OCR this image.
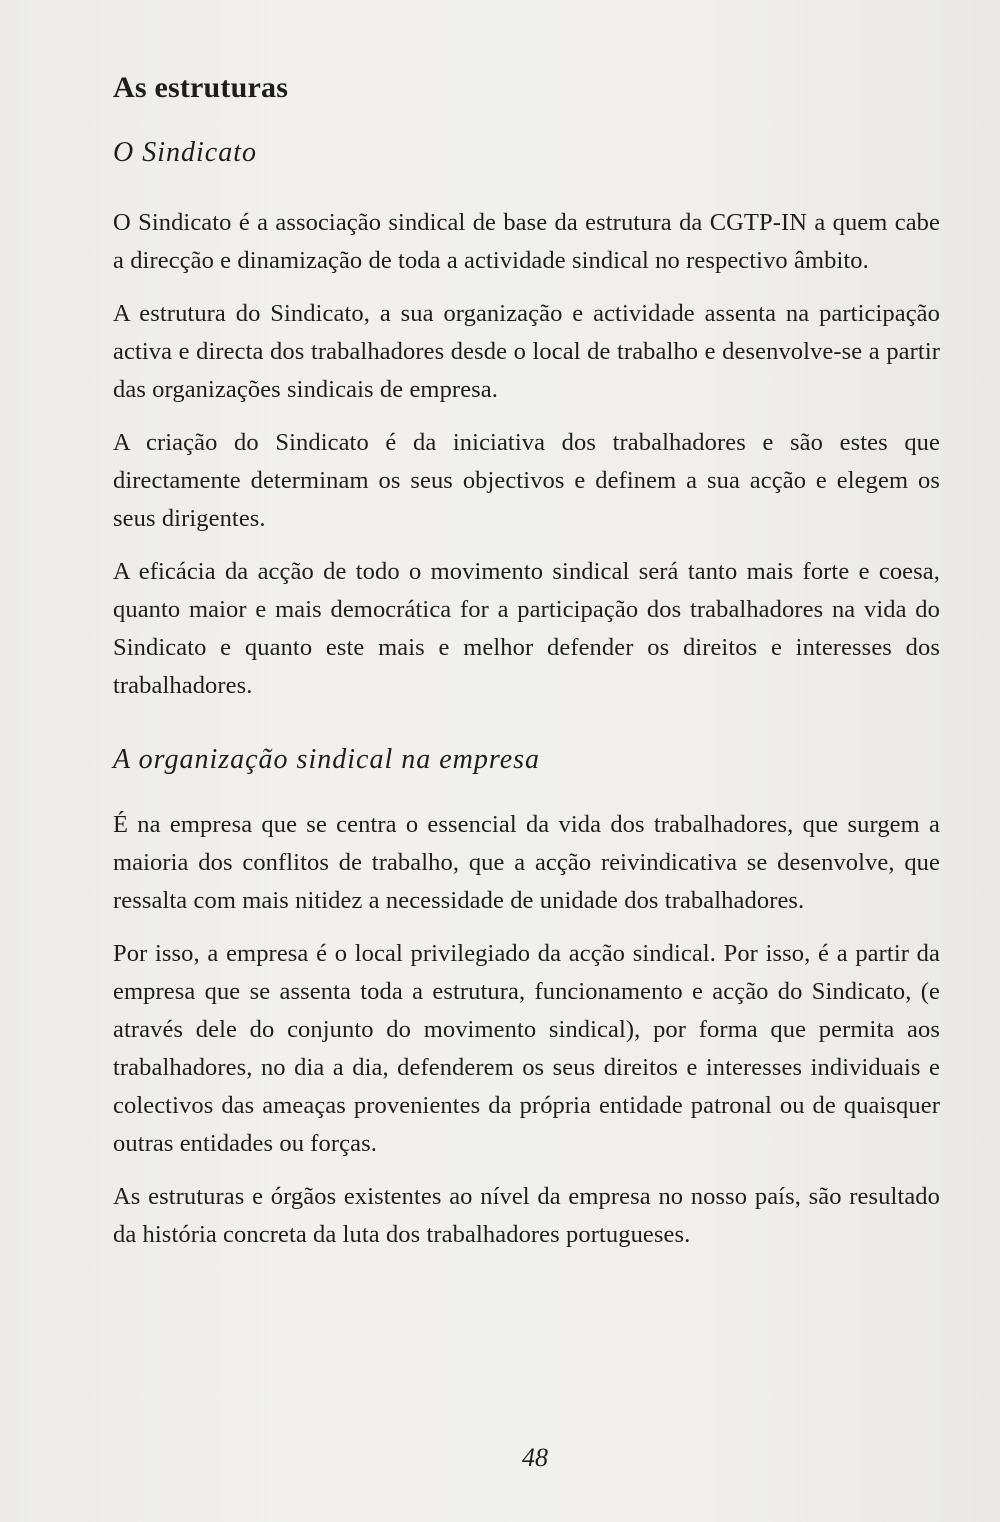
As estruturas
O Sindicato

O Sindicato é a associação sindical de base da estrutura da CGTP-IN a quem cabe a direcção e dinamização de toda a actividade sindical no respectivo âmbito.

A estrutura do Sindicato, a sua organização e actividade assenta na participação activa e directa dos trabalhadores desde o local de trabalho e desenvolve-se a partir das organizações sindicais de empresa.

A criação do Sindicato é da iniciativa dos trabalhadores e são estes que directamente determinam os seus objectivos e definem a sua acção e elegem os seus dirigentes.

A eficácia da acção de todo o movimento sindical será tanto mais forte e coesa, quanto maior e mais democrática for a participação dos trabalhadores na vida do Sindicato e quanto este mais e melhor defender os direitos e interesses dos trabalhadores.

A organização sindical na empresa

É na empresa que se centra o essencial da vida dos trabalhadores, que surgem a maioria dos conflitos de trabalho, que a acção reivindicativa se desenvolve, que ressalta com mais nitidez a necessidade de unidade dos trabalhadores.

Por isso, a empresa é o local privilegiado da acção sindical. Por isso, é a partir da empresa que se assenta toda a estrutura, funcionamento e acção do Sindicato, (e através dele do conjunto do movimento sindical), por forma que permita aos trabalhadores, no dia a dia, defenderem os seus direitos e interesses individuais e colectivos das ameaças provenientes da própria entidade patronal ou de quaisquer outras entidades ou forças.

As estruturas e órgãos existentes ao nível da empresa no nosso país, são resultado da história concreta da luta dos trabalhadores portugueses.

48
